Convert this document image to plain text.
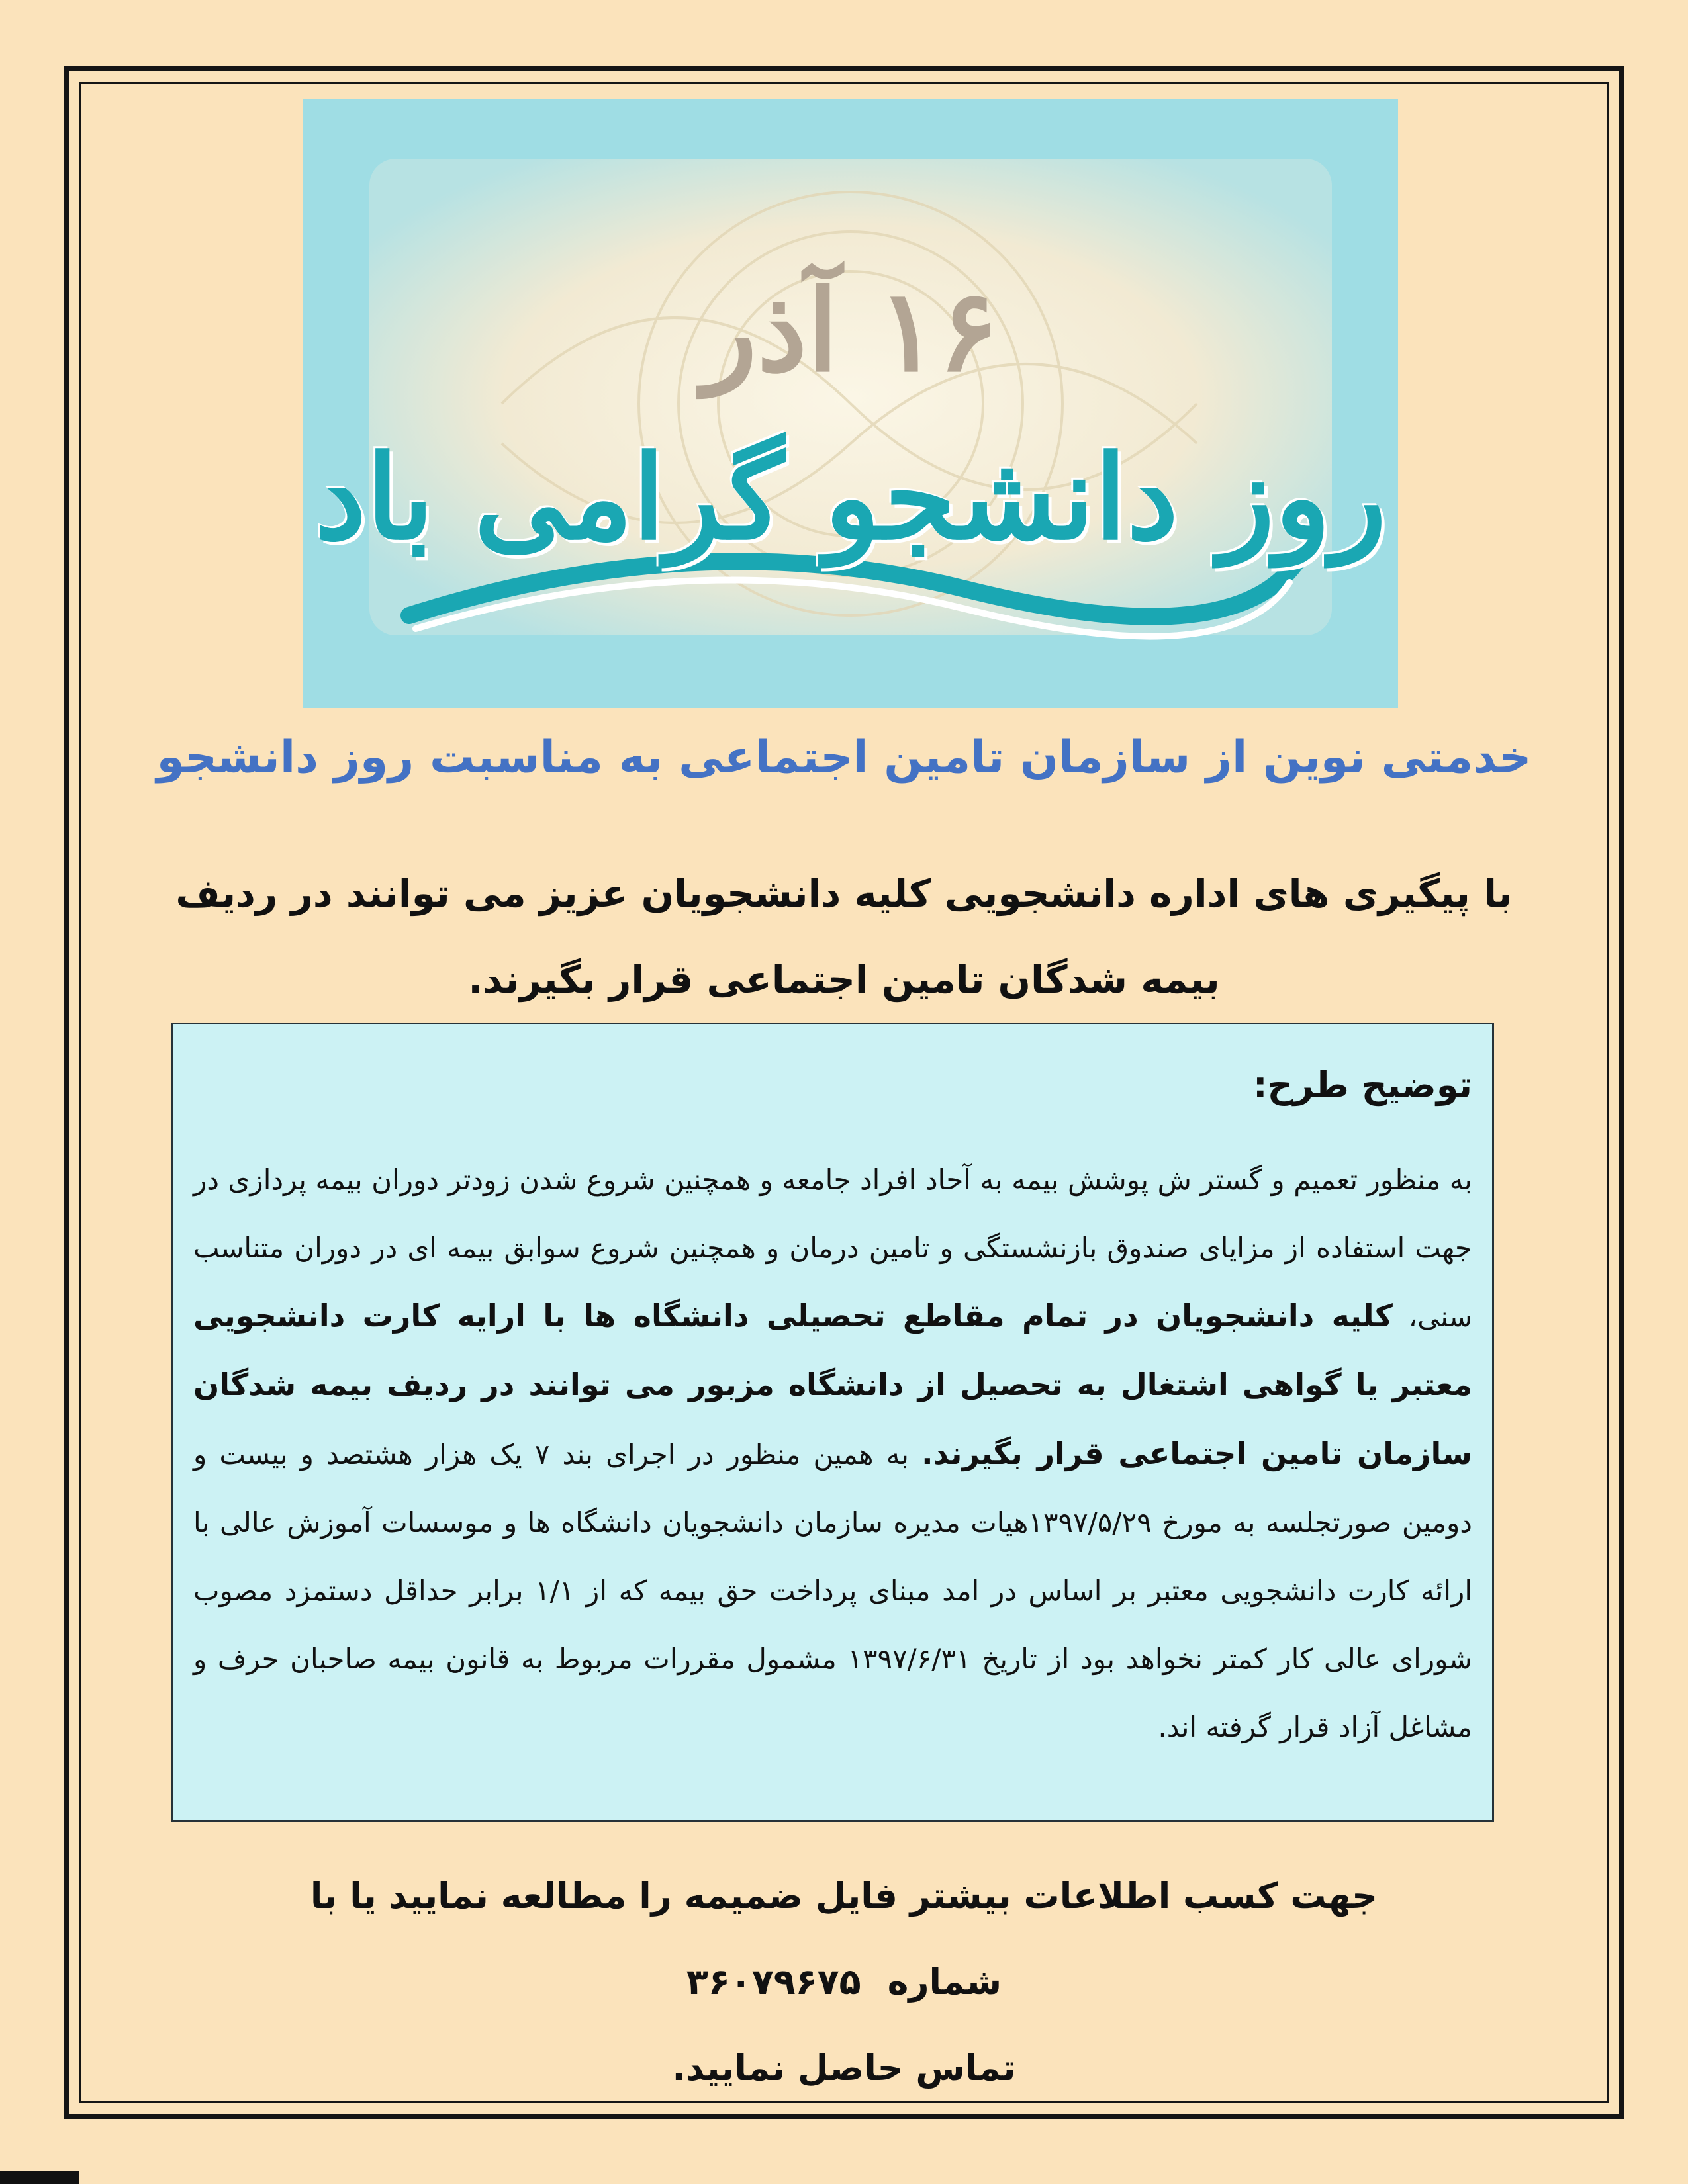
۱۶ آذر
روز دانشجو گرامی باد
خدمتی نوین از سازمان تامین اجتماعی به مناسبت روز دانشجو
با پیگیری های اداره دانشجویی کلیه دانشجویان عزیز می توانند در ردیف بیمه شدگان تامین اجتماعی قرار بگیرند.

توضیح طرح:

به منظور تعمیم و گستر ش پوشش بیمه به آحاد افراد جامعه و همچنین شروع شدن زودتر دوران بیمه پردازی در جهت استفاده از مزایای صندوق بازنشستگی و تامین درمان و همچنین شروع سوابق بیمه ای در دوران متناسب سنی، کلیه دانشجویان در تمام مقاطع تحصیلی دانشگاه ها با ارایه کارت دانشجویی معتبر یا گواهی اشتغال به تحصیل از دانشگاه مزبور می توانند در ردیف بیمه شدگان سازمان تامین اجتماعی قرار بگیرند. به همین منظور در اجرای بند ۷ یک هزار هشتصد و بیست و دومین صورتجلسه به مورخ ۱۳۹۷/۵/۲۹هیات مدیره سازمان دانشجویان دانشگاه ها و موسسات آموزش عالی با ارائه کارت دانشجویی معتبر بر اساس در امد مبنای پرداخت حق بیمه که از ۱/۱ برابر حداقل دستمزد مصوب شورای عالی کار کمتر نخواهد بود از تاریخ ۱۳۹۷/۶/۳۱ مشمول مقررات مربوط به قانون بیمه صاحبان حرف و مشاغل آزاد قرار گرفته اند.

جهت کسب اطلاعات بیشتر فایل ضمیمه را مطالعه نمایید یا با شماره۳۶۰۷۹۶۷۵
تماس حاصل نمایید.
